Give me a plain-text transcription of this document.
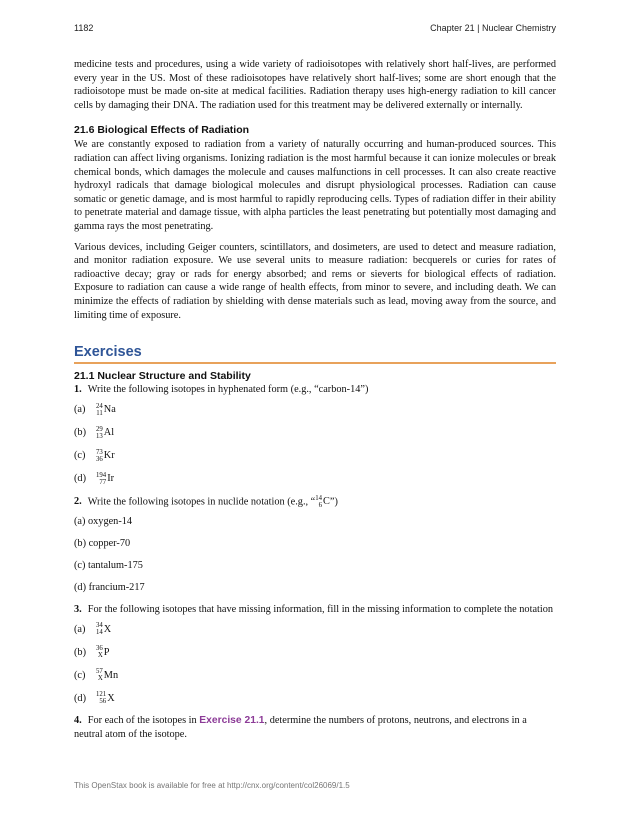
1182	Chapter 21 | Nuclear Chemistry

medicine tests and procedures, using a wide variety of radioisotopes with relatively short half-lives, are performed every year in the US. Most of these radioisotopes have relatively short half-lives; some are short enough that the radioisotope must be made on-site at medical facilities. Radiation therapy uses high-energy radiation to kill cancer cells by damaging their DNA. The radiation used for this treatment may be delivered externally or internally.

21.6 Biological Effects of Radiation

We are constantly exposed to radiation from a variety of naturally occurring and human-produced sources. This radiation can affect living organisms. Ionizing radiation is the most harmful because it can ionize molecules or break chemical bonds, which damages the molecule and causes malfunctions in cell processes. It can also create reactive hydroxyl radicals that damage biological molecules and disrupt physiological processes. Radiation can cause somatic or genetic damage, and is most harmful to rapidly reproducing cells. Types of radiation differ in their ability to penetrate material and damage tissue, with alpha particles the least penetrating but potentially most damaging and gamma rays the most penetrating.

Various devices, including Geiger counters, scintillators, and dosimeters, are used to detect and measure radiation, and monitor radiation exposure. We use several units to measure radiation: becquerels or curies for rates of radioactive decay; gray or rads for energy absorbed; and rems or sieverts for biological effects of radiation. Exposure to radiation can cause a wide range of health effects, from minor to severe, and including death. We can minimize the effects of radiation by shielding with dense materials such as lead, moving away from the source, and limiting time of exposure.

Exercises
21.1 Nuclear Structure and Stability
1. Write the following isotopes in hyphenated form (e.g., “carbon-14”)
(a)	24
11 Na
(b)	29
13 Al
(c)	73
36 Kr
(d)	194
77 Ir
2. Write the following isotopes in nuclide notation (e.g., “ 14
6 C ”)
(a) oxygen-14
(b) copper-70
(c) tantalum-175
(d) francium-217
3. For the following isotopes that have missing information, fill in the missing information to complete the notation
(a)	34
14 X
(b)	36
X P
(c)	57
X Mn
(d)	121
56 X
4. For each of the isotopes in Exercise 21.1, determine the numbers of protons, neutrons, and electrons in a neutral atom of the isotope.
This OpenStax book is available for free at http://cnx.org/content/col26069/1.5
